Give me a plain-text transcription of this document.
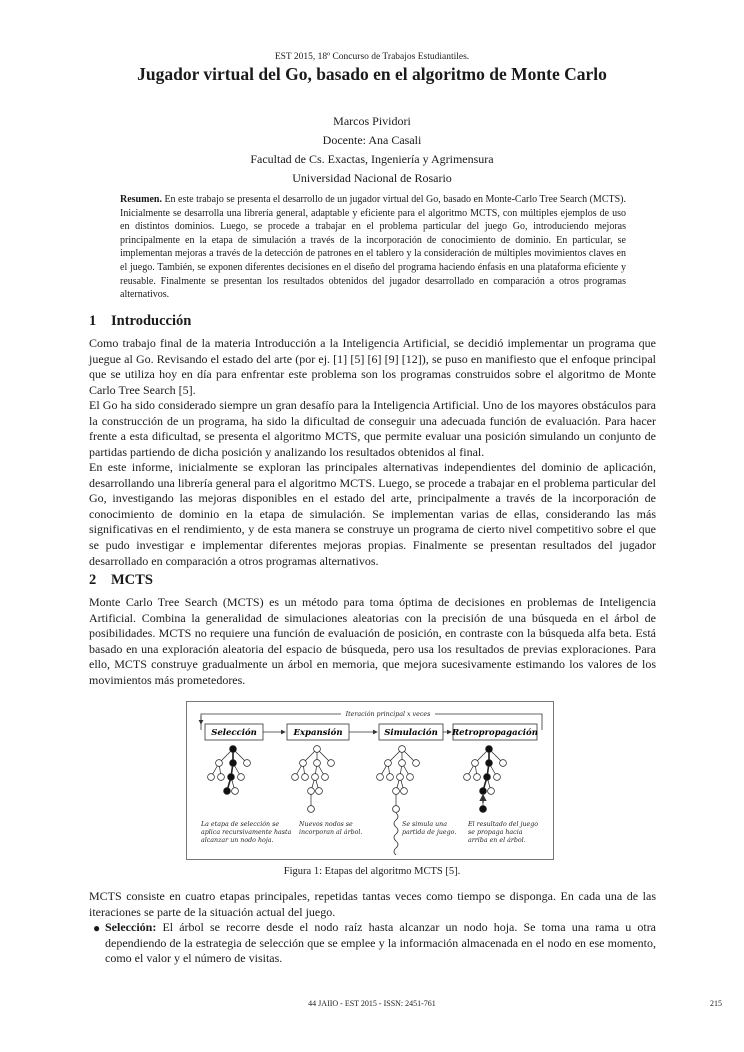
EST 2015, 18º Concurso de Trabajos Estudiantiles.
Jugador virtual del Go, basado en el algoritmo de Monte Carlo
Marcos Pividori
Docente: Ana Casali
Facultad de Cs. Exactas, Ingeniería y Agrimensura
Universidad Nacional de Rosario
Resumen. En este trabajo se presenta el desarrollo de un jugador virtual del Go, basado en Monte-Carlo Tree Search (MCTS). Inicialmente se desarrolla una librería general, adaptable y eficiente para el algoritmo MCTS, con múltiples ejemplos de uso en distintos dominios. Luego, se procede a trabajar en el problema particular del juego Go, introduciendo mejoras principalmente en la etapa de simulación a través de la incorporación de conocimiento de dominio. En particular, se implementan mejoras a través de la detección de patrones en el tablero y la consideración de múltiples movimientos claves en el juego. También, se exponen diferentes decisiones en el diseño del programa haciendo énfasis en una plataforma eficiente y reusable. Finalmente se presentan los resultados obtenidos del jugador desarrollado en comparación a otros programas alternativos.
1 Introducción

Como trabajo final de la materia Introducción a la Inteligencia Artificial, se decidió implementar un programa que juegue al Go. Revisando el estado del arte (por ej. [1] [5] [6] [9] [12]), se puso en manifiesto que el enfoque principal que se utiliza hoy en día para enfrentar este problema son los programas construidos sobre el algoritmo de Monte Carlo Tree Search [5].

El Go ha sido considerado siempre un gran desafío para la Inteligencia Artificial. Uno de los mayores obstáculos para la construcción de un programa, ha sido la dificultad de conseguir una adecuada función de evaluación. Para hacer frente a esta dificultad, se presenta el algoritmo MCTS, que permite evaluar una posición simulando un conjunto de partidas partiendo de dicha posición y analizando los resultados obtenidos al final.

En este informe, inicialmente se exploran las principales alternativas independientes del dominio de aplicación, desarrollando una librería general para el algoritmo MCTS. Luego, se procede a trabajar en el problema particular del Go, investigando las mejoras disponibles en el estado del arte, principalmente a través de la incorporación de conocimiento de dominio en la etapa de simulación. Se implementan varias de ellas, considerando las más significativas en el rendimiento, y de esta manera se construye un programa de cierto nivel competitivo sobre el que se pudo investigar e implementar diferentes mejoras propias. Finalmente se presentan resultados del jugador desarrollado en comparación a otros programas alternativos.

2 MCTS

Monte Carlo Tree Search (MCTS) es un método para toma óptima de decisiones en problemas de Inteligencia Artificial. Combina la generalidad de simulaciones aleatorias con la precisión de una búsqueda en el árbol de posibilidades. MCTS no requiere una función de evaluación de posición, en contraste con la búsqueda alfa beta. Está basado en una exploración aleatoria del espacio de búsqueda, pero usa los resultados de previas exploraciones. Para ello, MCTS construye gradualmente un árbol en memoria, que mejora sucesivamente estimando los valores de los movimientos más prometedores.

Iteración principal x veces
Selección	Expansión	Simulación Retropropagación
La etapa de selección se aplica recursivamente hasta alcanzar un nodo hoja.
Nuevos nodos se incorporan al árbol.
Se simula una partida de juego.
El resultado del juego se propaga hacia arriba en el árbol.
Figura 1: Etapas del algoritmo MCTS [5].

MCTS consiste en cuatro etapas principales, repetidas tantas veces como tiempo se disponga. En cada una de las iteraciones se parte de la situación actual del juego.

● Selección: El árbol se recorre desde el nodo raíz hasta alcanzar un nodo hoja. Se toma una rama u otra dependiendo de la estrategia de selección que se emplee y la información almacenada en el nodo en ese momento, como el valor y el número de visitas.
44 JAIIO - EST 2015 - ISSN: 2451-761	215
